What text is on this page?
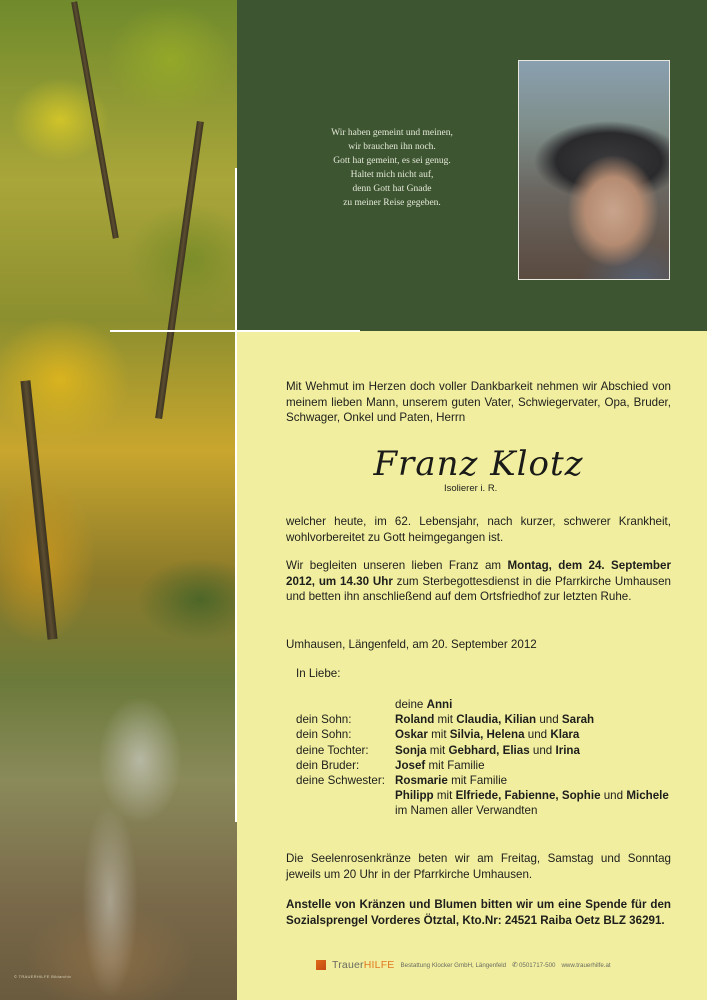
© TRAUERHILFE Bildarchiv
Wir haben gemeint und meinen,
wir brauchen ihn noch.
Gott hat gemeint, es sei genug.
Haltet mich nicht auf,
denn Gott hat Gnade
zu meiner Reise gegeben.
Mit Wehmut im Herzen doch voller Dankbarkeit nehmen wir Abschied von meinem lieben Mann, unserem guten Vater, Schwiegervater, Opa, Bruder, Schwager, Onkel und Paten, Herrn
Franz Klotz
Isolierer i. R.
welcher heute, im 62. Lebensjahr, nach kurzer, schwerer Krankheit, wohlvorbereitet zu Gott heimgegangen ist.
Wir begleiten unseren lieben Franz am Montag, dem 24. September 2012, um 14.30 Uhr zum Sterbegottesdienst in die Pfarrkirche Umhausen und betten ihn anschließend auf dem Ortsfriedhof zur letzten Ruhe.
Umhausen, Längenfeld, am 20. September 2012
In Liebe:
deine Anni
dein Sohn:	Roland mit Claudia, Kilian und Sarah
dein Sohn:	Oskar mit Silvia, Helena und Klara
deine Tochter:	Sonja mit Gebhard, Elias und Irina
dein Bruder:	Josef mit Familie
deine Schwester: Rosmarie mit Familie
Philipp mit Elfriede, Fabienne, Sophie und Michele
im Namen aller Verwandten
Die Seelenrosenkränze beten wir am Freitag, Samstag und Sonntag jeweils um 20 Uhr in der Pfarrkirche Umhausen.
Anstelle von Kränzen und Blumen bitten wir um eine Spende für den Sozialsprengel Vorderes Ötztal, Kto.Nr: 24521 Raiba Oetz BLZ 36291.
TrauerHILFE Bestattung Klocker GmbH, Längenfeld ✆ 0501717-500 www.trauerhilfe.at
